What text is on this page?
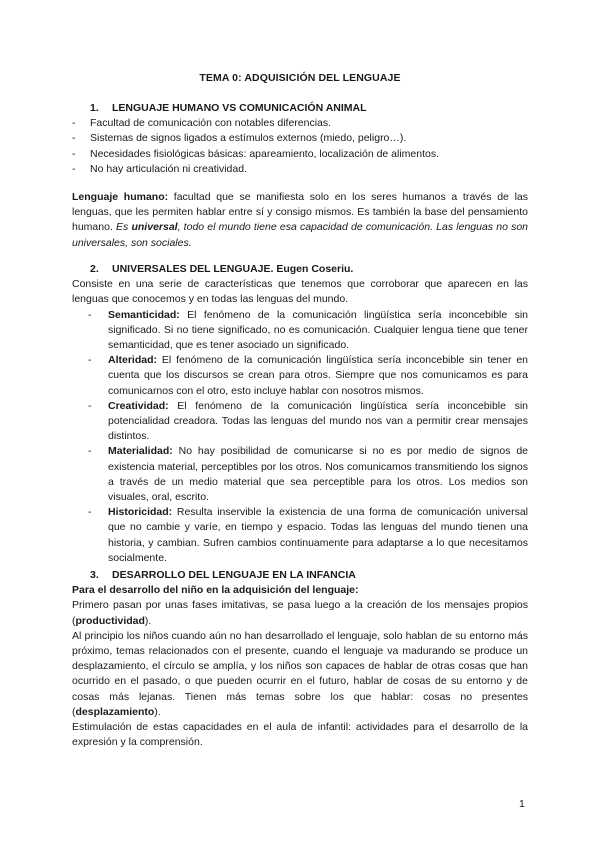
TEMA 0: ADQUISICIÓN DEL LENGUAJE
1. LENGUAJE HUMANO VS COMUNICACIÓN ANIMAL
- Facultad de comunicación con notables diferencias.
- Sistemas de signos ligados a estímulos externos (miedo, peligro…).
- Necesidades fisiológicas básicas: apareamiento, localización de alimentos.
- No hay articulación ni creatividad.

Lenguaje humano: facultad que se manifiesta solo en los seres humanos a través de las lenguas, que les permiten hablar entre sí y consigo mismos. Es también la base del pensamiento humano. Es universal, todo el mundo tiene esa capacidad de comunicación. Las lenguas no son universales, son sociales.

2. UNIVERSALES DEL LENGUAJE. Eugen Coseriu.

Consiste en una serie de características que tenemos que corroborar que aparecen en las lenguas que conocemos y en todas las lenguas del mundo.

- Semanticidad: El fenómeno de la comunicación lingüística sería inconcebible sin significado. Si no tiene significado, no es comunicación. Cualquier lengua tiene que tener semanticidad, que es tener asociado un significado.
- Alteridad: El fenómeno de la comunicación lingüística sería inconcebible sin tener en cuenta que los discursos se crean para otros. Siempre que nos comunicamos es para comunicarnos con el otro, esto incluye hablar con nosotros mismos.
- Creatividad: El fenómeno de la comunicación lingüística sería inconcebible sin potencialidad creadora. Todas las lenguas del mundo nos van a permitir crear mensajes distintos.
- Materialidad: No hay posibilidad de comunicarse si no es por medio de signos de existencia material, perceptibles por los otros. Nos comunicamos transmitiendo los signos a través de un medio material que sea perceptible para los otros. Los medios son visuales, oral, escrito.
- Historicidad: Resulta inservible la existencia de una forma de comunicación universal que no cambie y varíe, en tiempo y espacio. Todas las lenguas del mundo tienen una historia, y cambian. Sufren cambios continuamente para adaptarse a lo que necesitamos socialmente.
3. DESARROLLO DEL LENGUAJE EN LA INFANCIA

Para el desarrollo del niño en la adquisición del lenguaje:

Primero pasan por unas fases imitativas, se pasa luego a la creación de los mensajes propios (productividad).

Al principio los niños cuando aún no han desarrollado el lenguaje, solo hablan de su entorno más próximo, temas relacionados con el presente, cuando el lenguaje va madurando se produce un desplazamiento, el círculo se amplía, y los niños son capaces de hablar de otras cosas que han ocurrido en el pasado, o que pueden ocurrir en el futuro, hablar de cosas de su entorno y de cosas más lejanas. Tienen más temas sobre los que hablar: cosas no presentes (desplazamiento).

Estimulación de estas capacidades en el aula de infantil: actividades para el desarrollo de la expresión y la comprensión.

1
